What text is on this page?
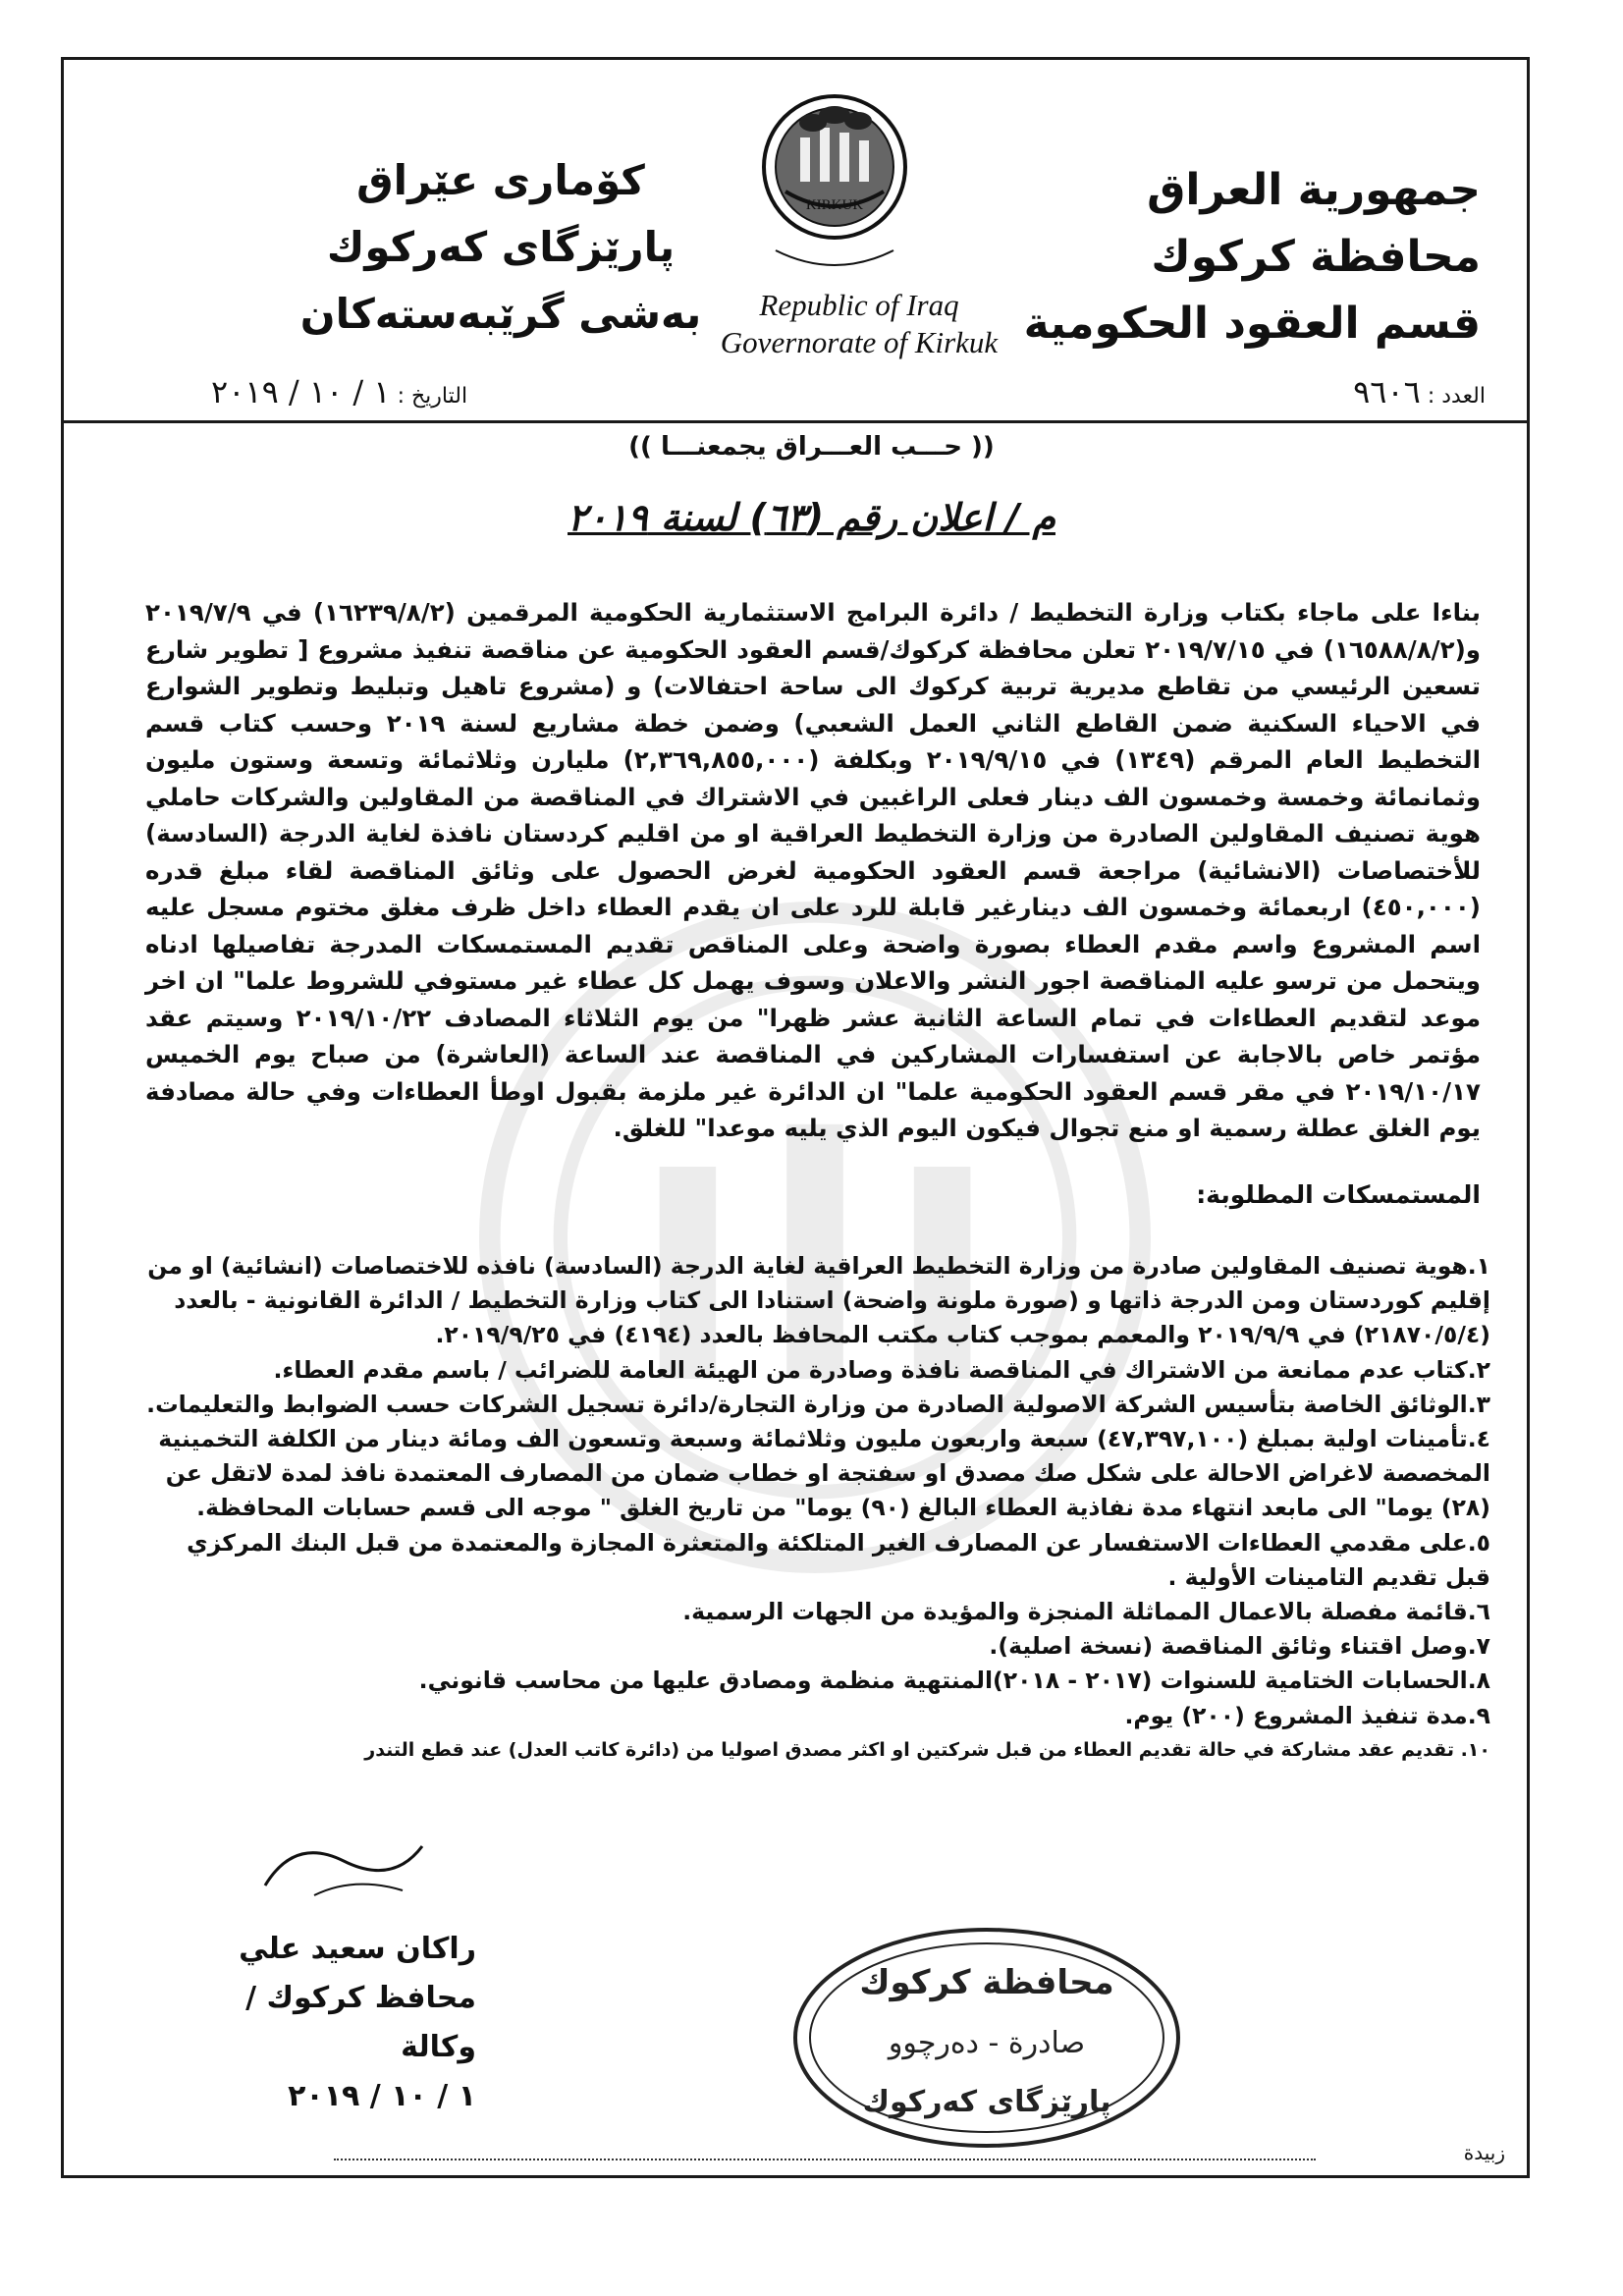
جمهورية العراق
محافظة كركوك
قسم العقود الحكومية
کۆماری عێراق
پارێزگای کەرکوك
بەشی گرێبەستەکان
KIRKUK
Republic of Iraq
Governorate of Kirkuk
العدد : ٩٦٠٦
التاريخ : ١ / ١٠ / ٢٠١٩
(( حـــب العـــراق يجمعنـــا ))
م / اعلان رقم (٦٣) لسنة ٢٠١٩
بناءا على ماجاء بكتاب وزارة التخطيط / دائرة البرامج الاستثمارية الحكومية المرقمين (١٦٢٣٩/٨/٢) في ٢٠١٩/٧/٩ و(١٦٥٨٨/٨/٢) في ٢٠١٩/٧/١٥ تعلن محافظة كركوك/قسم العقود الحكومية عن مناقصة تنفيذ مشروع [ تطوير شارع تسعين الرئيسي من تقاطع مديرية تربية كركوك الى ساحة احتفالات) و (مشروع تاهيل وتبليط وتطوير الشوارع في الاحياء السكنية ضمن القاطع الثاني العمل الشعبي) وضمن خطة مشاريع لسنة ٢٠١٩ وحسب كتاب قسم التخطيط العام المرقم (١٣٤٩) في ٢٠١٩/٩/١٥ وبكلفة (٢,٣٦٩,٨٥٥,٠٠٠) مليارن وثلاثمائة وتسعة وستون مليون وثمانمائة وخمسة وخمسون الف دينار فعلى الراغبين في الاشتراك في المناقصة من المقاولين والشركات حاملي هوية تصنيف المقاولين الصادرة من وزارة التخطيط العراقية او من اقليم كردستان نافذة لغاية الدرجة (السادسة) للأختصاصات (الانشائية) مراجعة قسم العقود الحكومية لغرض الحصول على وثائق المناقصة لقاء مبلغ قدره (٤٥٠,٠٠٠) اربعمائة وخمسون الف دينارغير قابلة للرد على ان يقدم العطاء داخل ظرف مغلق مختوم مسجل عليه اسم المشروع واسم مقدم العطاء بصورة واضحة وعلى المناقص تقديم المستمسكات المدرجة تفاصيلها ادناه ويتحمل من ترسو عليه المناقصة اجور النشر والاعلان وسوف يهمل كل عطاء غير مستوفي للشروط علما" ان اخر موعد لتقديم العطاءات في تمام الساعة الثانية عشر ظهرا" من يوم الثلاثاء المصادف ٢٠١٩/١٠/٢٢ وسيتم عقد مؤتمر خاص بالاجابة عن استفسارات المشاركين في المناقصة عند الساعة (العاشرة) من صباح يوم الخميس ٢٠١٩/١٠/١٧ في مقر قسم العقود الحكومية علما" ان الدائرة غير ملزمة بقبول اوطأ العطاءات وفي حالة مصادفة يوم الغلق عطلة رسمية او منع تجوال فيكون اليوم الذي يليه موعدا" للغلق.
المستمسكات المطلوبة:
١.هوية تصنيف المقاولين صادرة من وزارة التخطيط العراقية لغاية الدرجة (السادسة) نافذه للاختصاصات (انشائية) او من إقليم كوردستان ومن الدرجة ذاتها و (صورة ملونة واضحة) استنادا الى كتاب وزارة التخطيط / الدائرة القانونية - بالعدد (٢١٨٧٠/٥/٤) في ٢٠١٩/٩/٩ والمعمم بموجب كتاب مكتب المحافظ بالعدد (٤١٩٤) في ٢٠١٩/٩/٢٥.
٢.كتاب عدم ممانعة من الاشتراك في المناقصة نافذة وصادرة من الهيئة العامة للضرائب / باسم مقدم العطاء.
٣.الوثائق الخاصة بتأسيس الشركة الاصولية الصادرة من وزارة التجارة/دائرة تسجيل الشركات حسب الضوابط والتعليمات.
٤.تأمينات اولية بمبلغ (٤٧,٣٩٧,١٠٠) سبعة واربعون مليون وثلاثمائة وسبعة وتسعون الف ومائة دينار من الكلفة التخمينية المخصصة لاغراض الاحالة على شكل صك مصدق او سفتجة او خطاب ضمان من المصارف المعتمدة نافذ لمدة لاتقل عن (٢٨) يوما" الى مابعد انتهاء مدة نفاذية العطاء البالغ (٩٠) يوما" من تاريخ الغلق " موجه الى قسم حسابات المحافظة.
٥.على مقدمي العطاءات الاستفسار عن المصارف الغير المتلكئة والمتعثرة المجازة والمعتمدة من قبل البنك المركزي قبل تقديم التامينات الأولية .
٦.قائمة مفصلة بالاعمال المماثلة المنجزة والمؤيدة من الجهات الرسمية.
٧.وصل اقتناء وثائق المناقصة (نسخة اصلية).
٨.الحسابات الختامية للسنوات (٢٠١٧ - ٢٠١٨)المنتهية منظمة ومصادق عليها من محاسب قانوني.
٩.مدة تنفيذ المشروع (٢٠٠) يوم.
١٠. تقديم عقد مشاركة في حالة تقديم العطاء من قبل شركتين او اكثر مصدق اصوليا من (دائرة كاتب العدل) عند قطع التندر
راكان سعيد علي
محافظ كركوك / وكالة
١ / ١٠ / ٢٠١٩
محافظة كركوك
صادرة - دەرچوو
پارێزگای کەرکوك
زبيدة
